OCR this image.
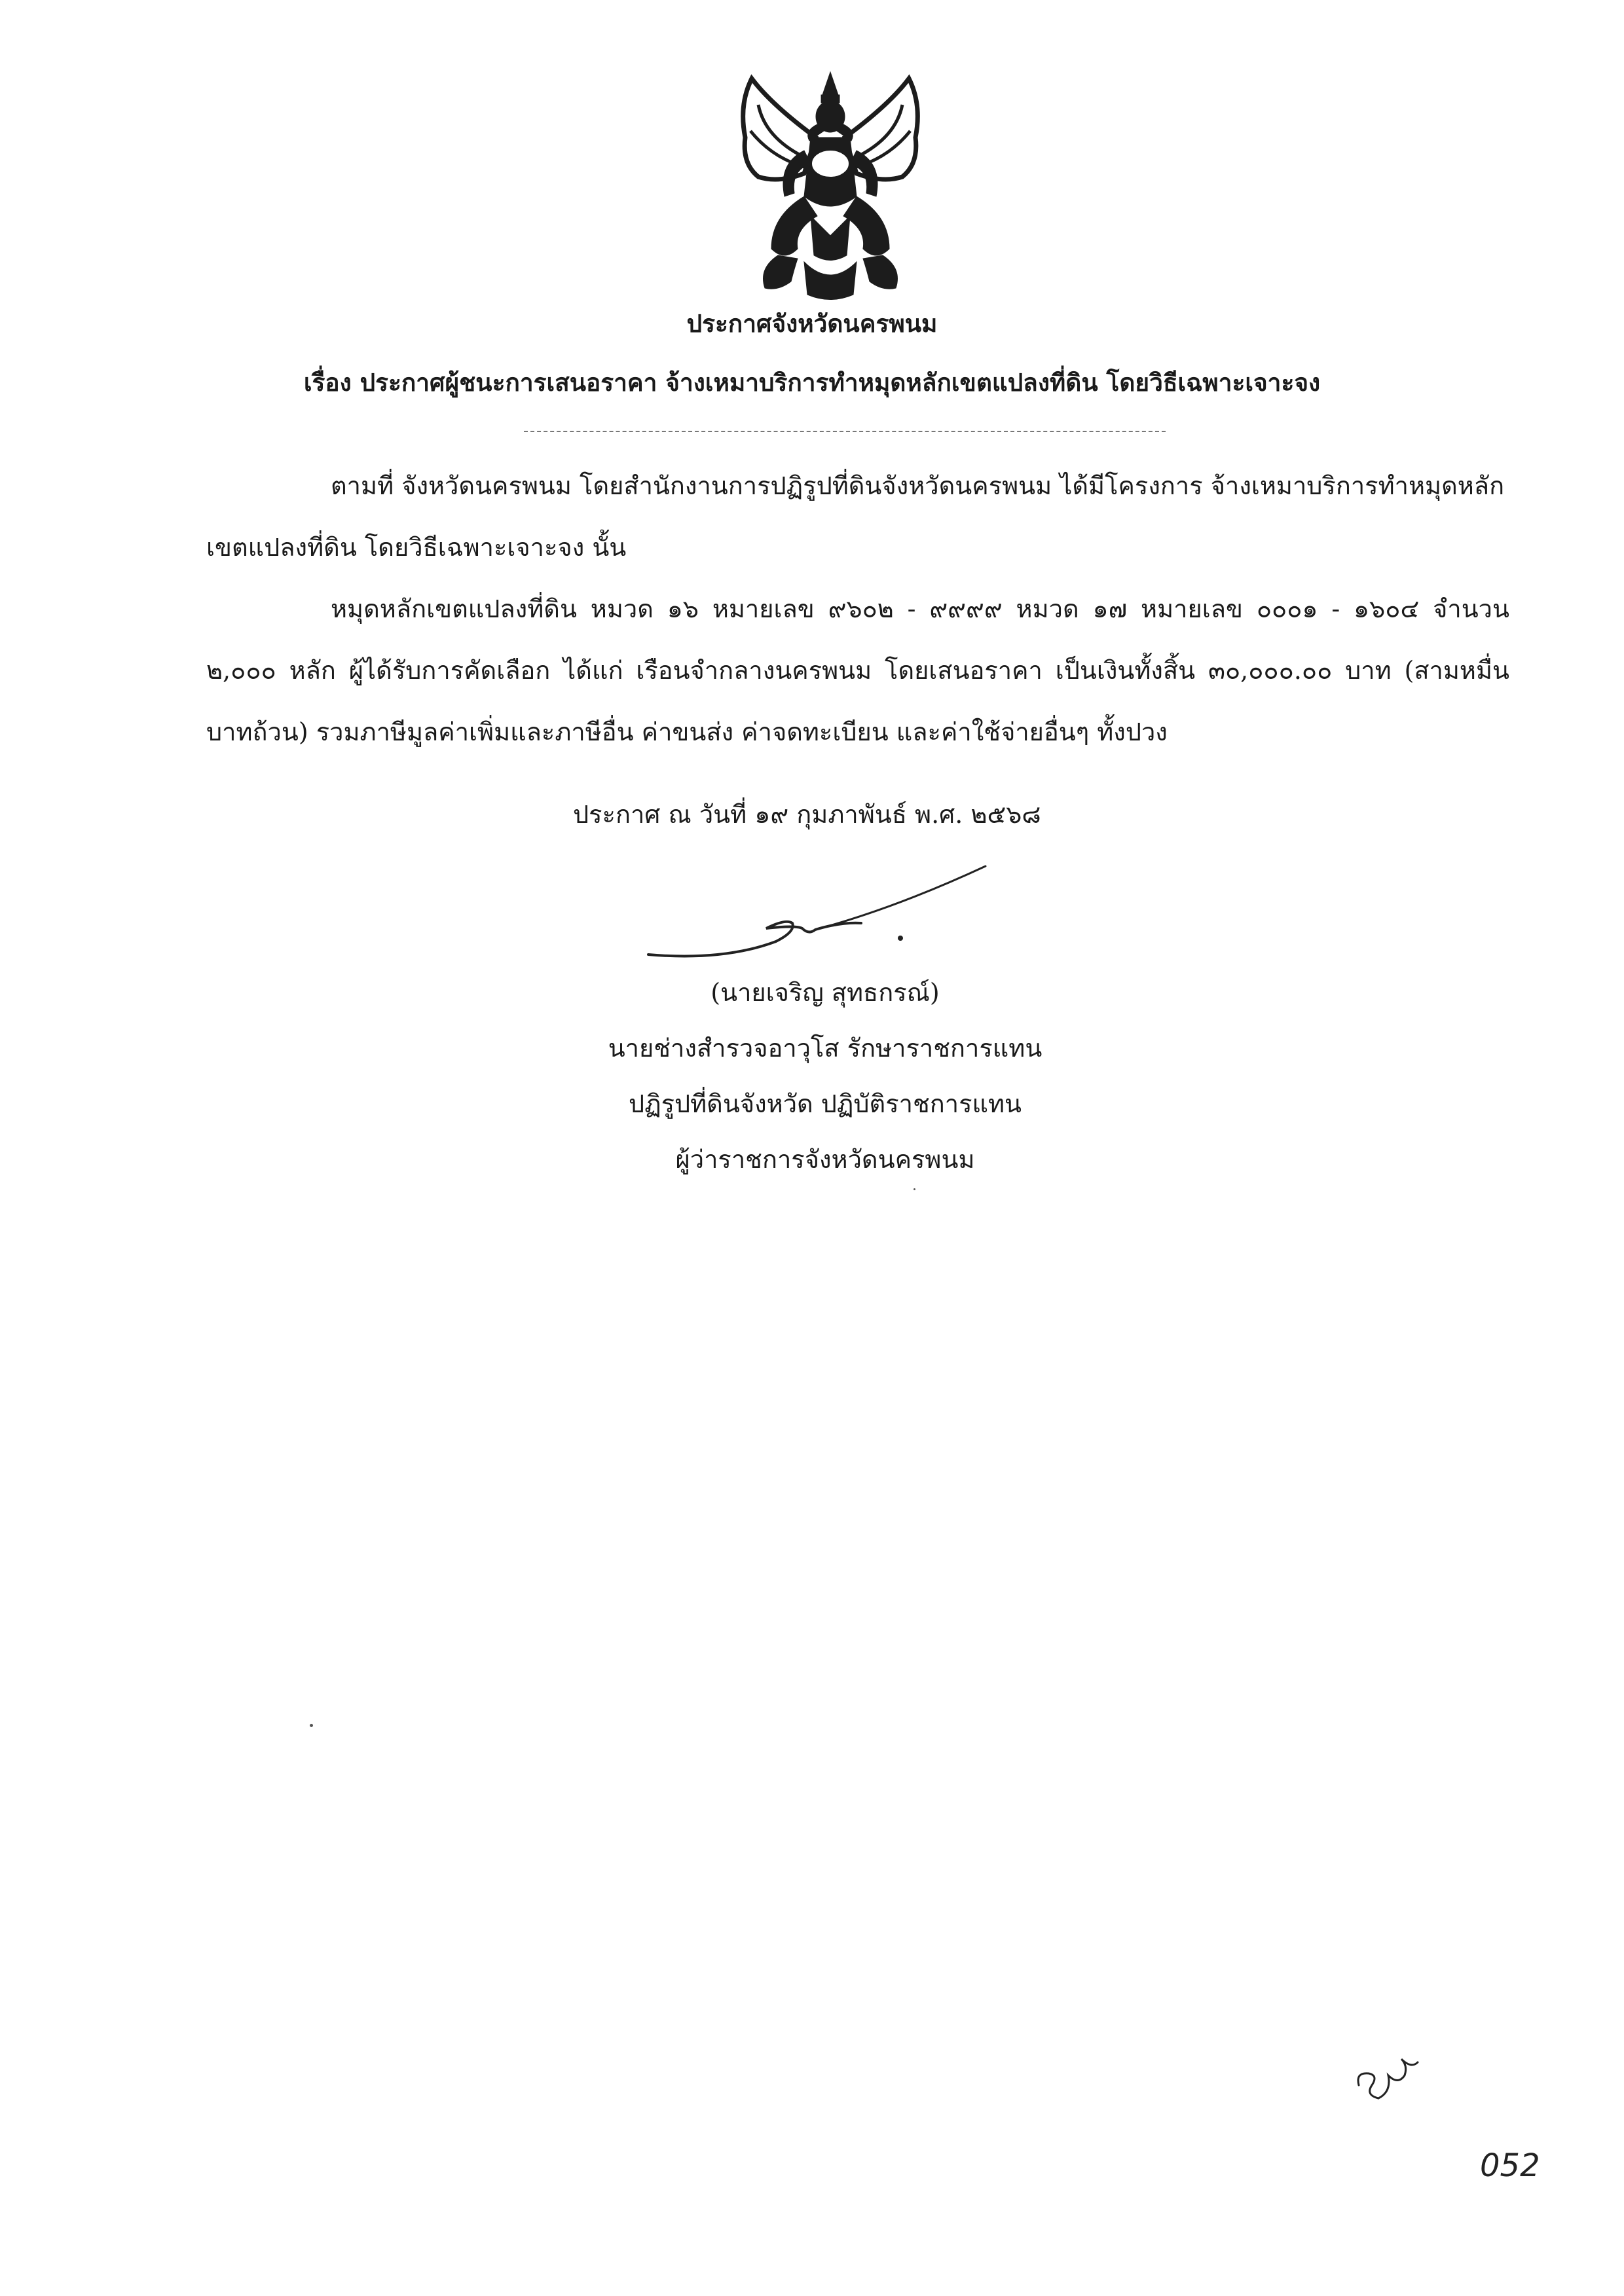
ประกาศจังหวัดนครพนม
เรื่อง ประกาศผู้ชนะการเสนอราคา จ้างเหมาบริการทำหมุดหลักเขตแปลงที่ดิน โดยวิธีเฉพาะเจาะจง
ตามที่ จังหวัดนครพนม โดยสำนักงานการปฏิรูปที่ดินจังหวัดนครพนม ได้มีโครงการ จ้างเหมาบริการทำหมุดหลักเขตแปลงที่ดิน โดยวิธีเฉพาะเจาะจง นั้น
หมุดหลักเขตแปลงที่ดิน หมวด ๑๖ หมายเลข ๙๖๐๒ - ๙๙๙๙ หมวด ๑๗ หมายเลข ๐๐๐๑ - ๑๖๐๔ จำนวน ๒,๐๐๐ หลัก ผู้ได้รับการคัดเลือก ได้แก่ เรือนจำกลางนครพนม โดยเสนอราคา เป็นเงินทั้งสิ้น ๓๐,๐๐๐.๐๐ บาท (สามหมื่นบาทถ้วน) รวมภาษีมูลค่าเพิ่มและภาษีอื่น ค่าขนส่ง ค่าจดทะเบียน และค่าใช้จ่ายอื่นๆ ทั้งปวง
ประกาศ ณ วันที่ ๑๙ กุมภาพันธ์ พ.ศ. ๒๕๖๘
(นายเจริญ สุทธกรณ์)
นายช่างสำรวจอาวุโส รักษาราชการแทน
ปฏิรูปที่ดินจังหวัด ปฏิบัติราชการแทน
ผู้ว่าราชการจังหวัดนครพนม
052
